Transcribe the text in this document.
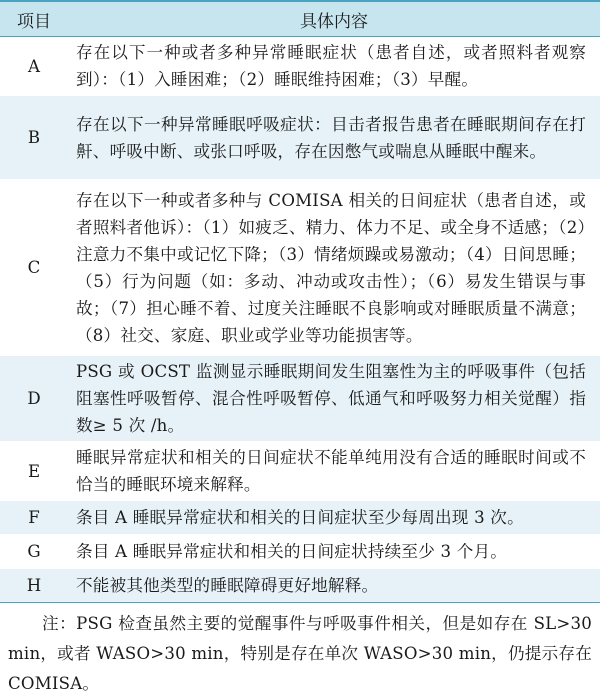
项目	具体内容
A	存在以下一种或者多种异常睡眠症状（患者自述，或者照料者观察到）：（1）入睡困难；（2）睡眠维持困难；（3）早醒。
B	存在以下一种异常睡眠呼吸症状：目击者报告患者在睡眠期间存在打鼾、呼吸中断、或张口呼吸，存在因憋气或喘息从睡眠中醒来。
C	存在以下一种或者多种与 COMISA 相关的日间症状（患者自述，或者照料者他诉）：（1）如疲乏、精力、体力不足、或全身不适感；（2）注意力不集中或记忆下降；（3）情绪烦躁或易激动；（4）日间思睡；（5）行为问题（如：多动、冲动或攻击性）；（6）易发生错误与事故；（7）担心睡不着、过度关注睡眠不良影响或对睡眠质量不满意；（8）社交、家庭、职业或学业等功能损害等。
D	PSG 或 OCST 监测显示睡眠期间发生阻塞性为主的呼吸事件（包括阻塞性呼吸暂停、混合性呼吸暂停、低通气和呼吸努力相关觉醒）指数≥ 5 次 /h。
E	睡眠异常症状和相关的日间症状不能单纯用没有合适的睡眠时间或不恰当的睡眠环境来解释。
F	条目 A 睡眠异常症状和相关的日间症状至少每周出现 3 次。
G	条目 A 睡眠异常症状和相关的日间症状持续至少 3 个月。
H	不能被其他类型的睡眠障碍更好地解释。

注：PSG 检查虽然主要的觉醒事件与呼吸事件相关，但是如存在 SL>30 min，或者 WASO>30 min，特别是存在单次 WASO>30 min，仍提示存在 COMISA。
